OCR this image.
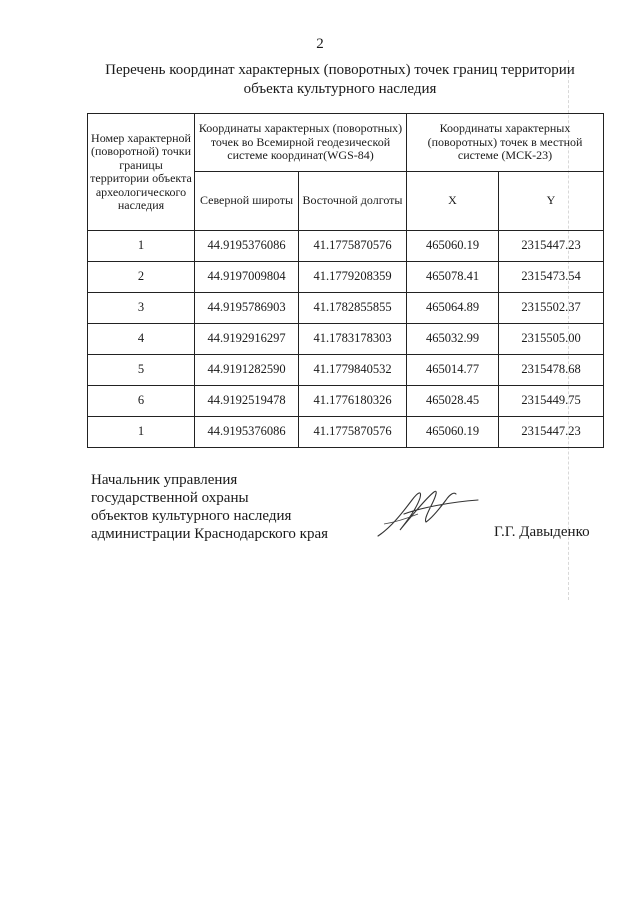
2
Перечень координат характерных (поворотных) точек границ территории
объекта культурного наследия
Номер характерной (поворотной) точки границы территории объекта археологического наследия	Координаты характерных (поворотных) точек во Всемирной геодезической системе координат(WGS-84)		Координаты характерных (поворотных) точек в местной системе (МСК-23)	
	Северной широты	Восточной долготы	X	Y
1	44.9195376086	41.1775870576	465060.19	2315447.23
2	44.9197009804	41.1779208359	465078.41	2315473.54
3	44.9195786903	41.1782855855	465064.89	2315502.37
4	44.9192916297	41.1783178303	465032.99	2315505.00
5	44.9191282590	41.1779840532	465014.77	2315478.68
6	44.9192519478	41.1776180326	465028.45	2315449.75
1	44.9195376086	41.1775870576	465060.19	2315447.23
Начальник управления
государственной охраны
объектов культурного наследия
администрации Краснодарского края	Г.Г. Давыденко
